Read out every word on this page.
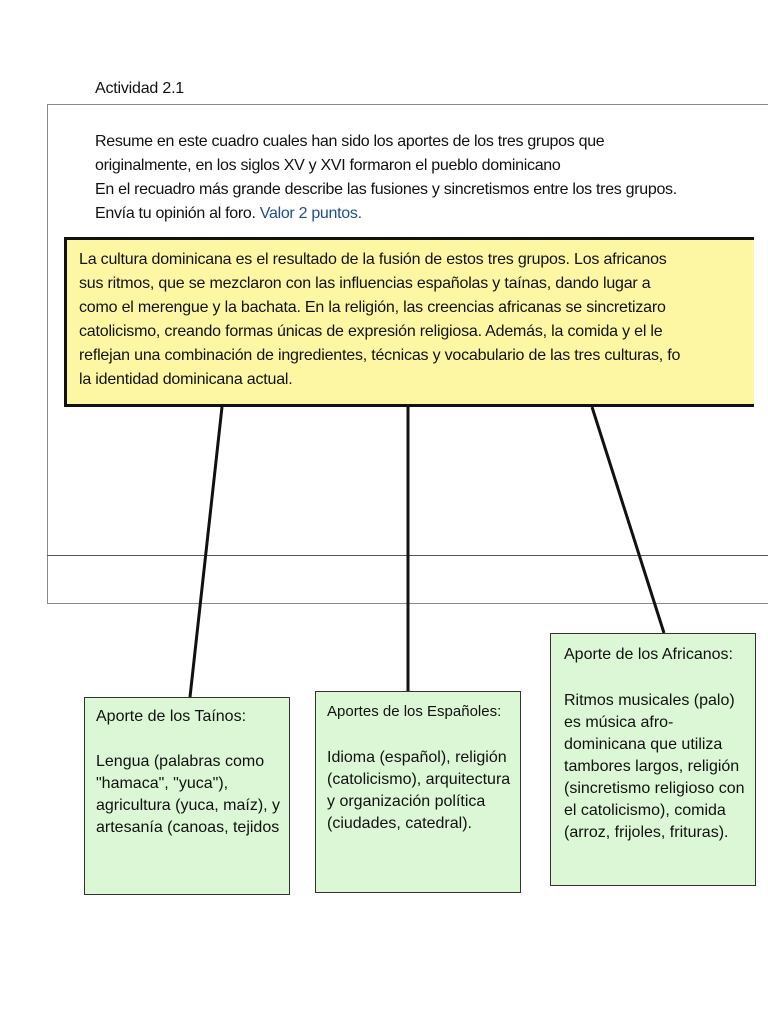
Actividad 2.1
Resume en este cuadro cuales han sido los aportes de los tres grupos que
originalmente, en los siglos XV y XVI formaron el pueblo dominicano
En el recuadro más grande describe las fusiones y sincretismos entre los tres grupos.
Envía tu opinión al foro. Valor 2 puntos.
La cultura dominicana es el resultado de la fusión de estos tres grupos. Los africanos
sus ritmos, que se mezclaron con las influencias españolas y taínas, dando lugar a
como el merengue y la bachata. En la religión, las creencias africanas se sincretizaro
catolicismo, creando formas únicas de expresión religiosa. Además, la comida y el le
reflejan una combinación de ingredientes, técnicas y vocabulario de las tres culturas, fo
la identidad dominicana actual.
Aporte de los Taínos:
Lengua (palabras como
"hamaca", "yuca"),
agricultura (yuca, maíz), y
artesanía (canoas, tejidos
Aportes de los Españoles:
Idioma (español), religión
(catolicismo), arquitectura
y organización política
(ciudades, catedral).
Aporte de los Africanos:
Ritmos musicales (palo)
es música afro-
dominicana que utiliza
tambores largos, religión
(sincretismo religioso con
el catolicismo), comida
(arroz, frijoles, frituras).
